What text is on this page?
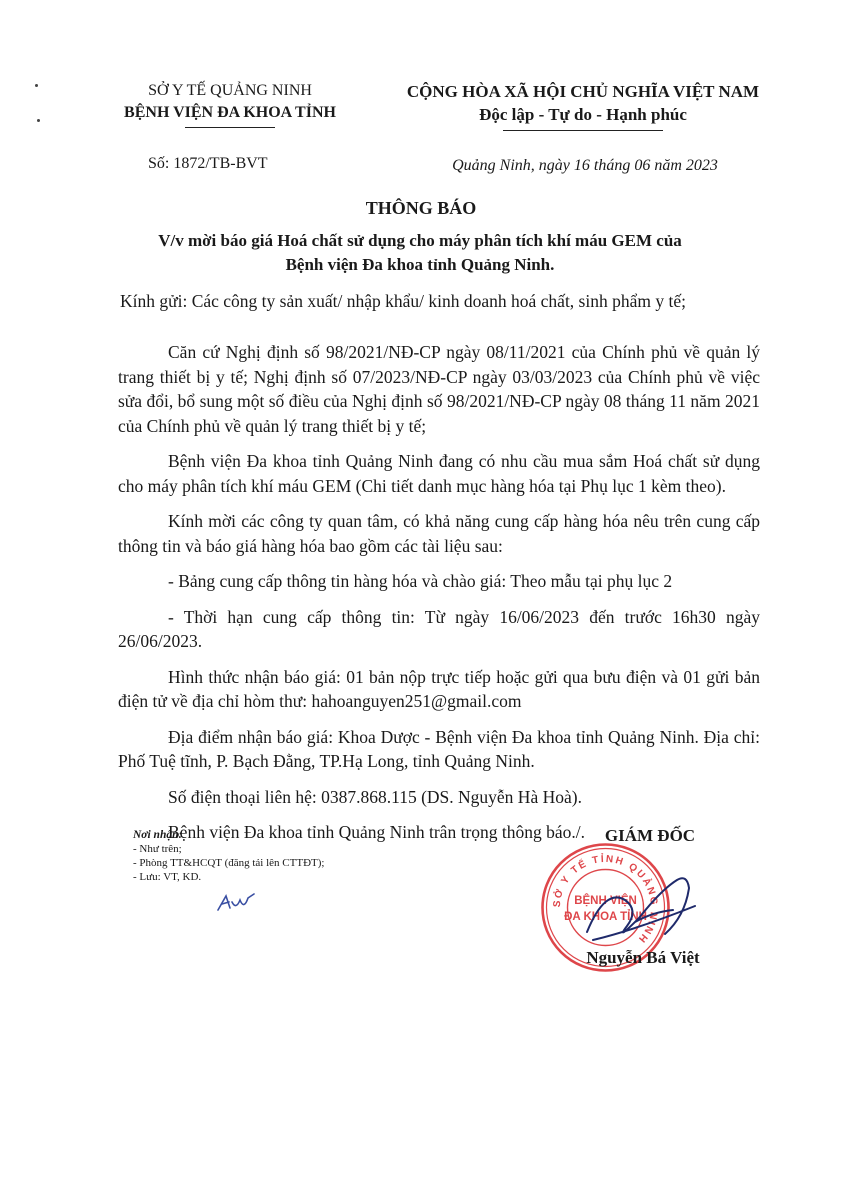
SỞ Y TẾ QUẢNG NINH
BỆNH VIỆN ĐA KHOA TỈNH
CỘNG HÒA XÃ HỘI CHỦ NGHĨA VIỆT NAM
Độc lập - Tự do - Hạnh phúc
Số: 1872/TB-BVT	Quảng Ninh, ngày 16 tháng 06 năm 2023
THÔNG BÁO
V/v mời báo giá Hoá chất sử dụng cho máy phân tích khí máu GEM của
Bệnh viện Đa khoa tỉnh Quảng Ninh.
Kính gửi: Các công ty sản xuất/ nhập khẩu/ kinh doanh hoá chất, sinh phẩm y tế;

Căn cứ Nghị định số 98/2021/NĐ-CP ngày 08/11/2021 của Chính phủ về quản lý trang thiết bị y tế; Nghị định số 07/2023/NĐ-CP ngày 03/03/2023 của Chính phủ về việc sửa đổi, bổ sung một số điều của Nghị định số 98/2021/NĐ-CP ngày 08 tháng 11 năm 2021 của Chính phủ về quản lý trang thiết bị y tế;

Bệnh viện Đa khoa tỉnh Quảng Ninh đang có nhu cầu mua sắm Hoá chất sử dụng cho máy phân tích khí máu GEM (Chi tiết danh mục hàng hóa tại Phụ lục 1 kèm theo).

Kính mời các công ty quan tâm, có khả năng cung cấp hàng hóa nêu trên cung cấp thông tin và báo giá hàng hóa bao gồm các tài liệu sau:

- Bảng cung cấp thông tin hàng hóa và chào giá: Theo mẫu tại phụ lục 2

- Thời hạn cung cấp thông tin: Từ ngày 16/06/2023 đến trước 16h30 ngày 26/06/2023.

Hình thức nhận báo giá: 01 bản nộp trực tiếp hoặc gửi qua bưu điện và 01 gửi bản điện tử về địa chỉ hòm thư: hahoanguyen251@gmail.com

Địa điểm nhận báo giá: Khoa Dược - Bệnh viện Đa khoa tỉnh Quảng Ninh. Địa chỉ: Phố Tuệ tĩnh, P. Bạch Đằng, TP.Hạ Long, tỉnh Quảng Ninh.

Số điện thoại liên hệ: 0387.868.115 (DS. Nguyễn Hà Hoà).

Bệnh viện Đa khoa tỉnh Quảng Ninh trân trọng thông báo./.

Nơi nhận:
- Như trên;
- Phòng TT&HCQT (đăng tải lên CTTĐT);
- Lưu: VT, KD.
GIÁM ĐỐC
SỞ Y TẾ TỈNH QUẢNG NINH
BỆNH VIỆN
ĐA KHOA TỈNH
Nguyễn Bá Việt
